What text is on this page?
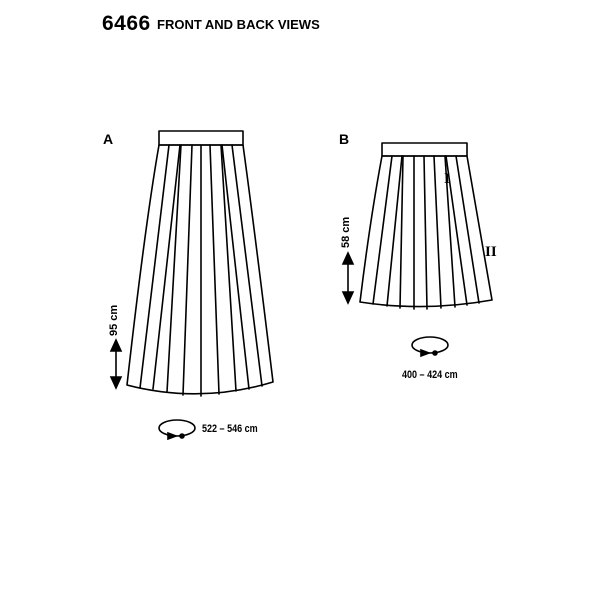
6466 FRONT AND BACK VIEWS
A	B
95 cm
58 cm
522 – 546 cm
400 – 424 cm
I
II
